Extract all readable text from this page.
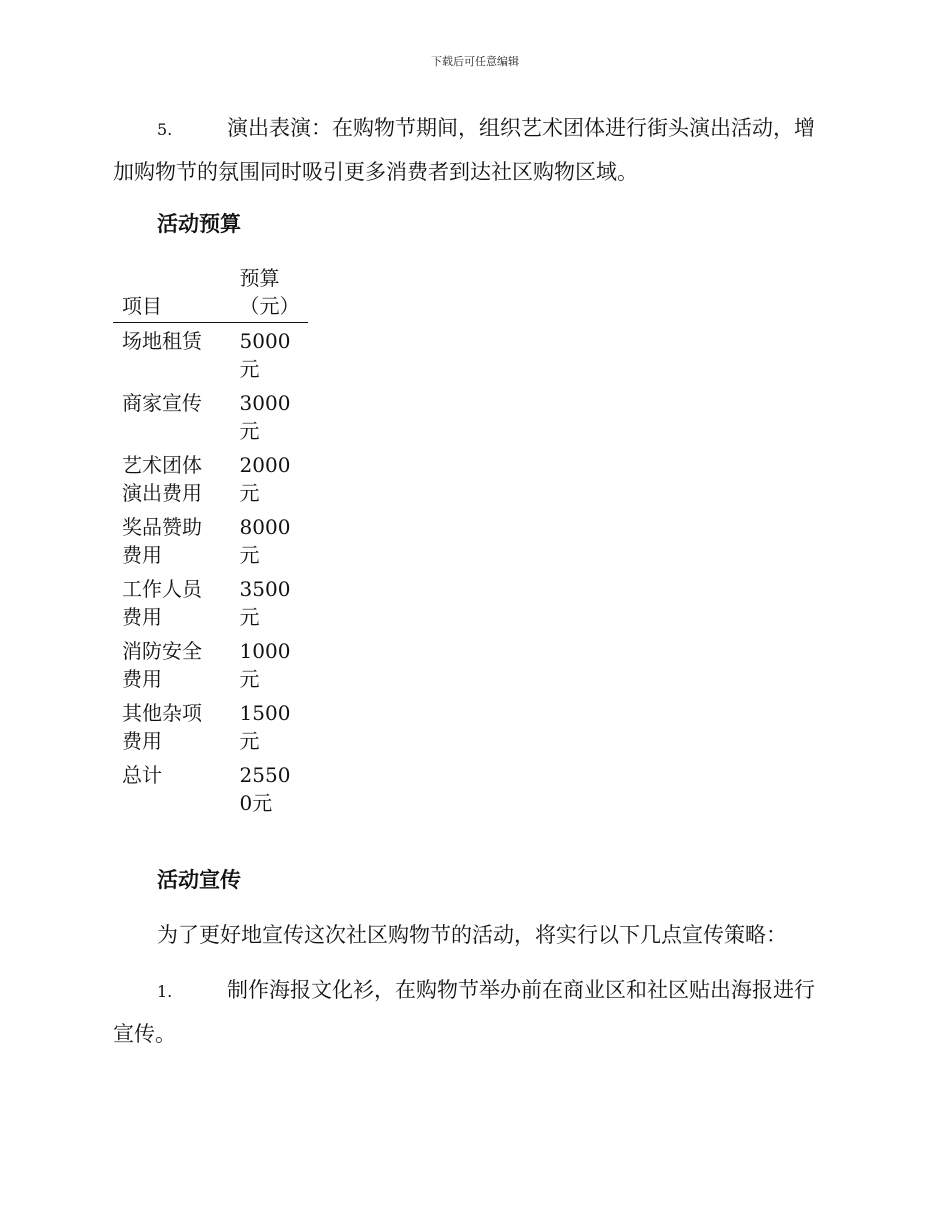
下载后可任意编辑
5.	演出表演：在购物节期间，组织艺术团体进行街头演出活动，增加购物节的氛围同时吸引更多消费者到达社区购物区域。
活动预算
项目	预算（元）

场地租赁	5000元

商家宣传	3000元

艺术团体演出费用	2000元

奖品赞助费用	8000元

工作人员费用	3500元

消防安全费用	1000元

其他杂项费用	1500元

总计	25500元
活动宣传
为了更好地宣传这次社区购物节的活动，将实行以下几点宣传策略：
1.	制作海报文化衫，在购物节举办前在商业区和社区贴出海报进行宣传。
